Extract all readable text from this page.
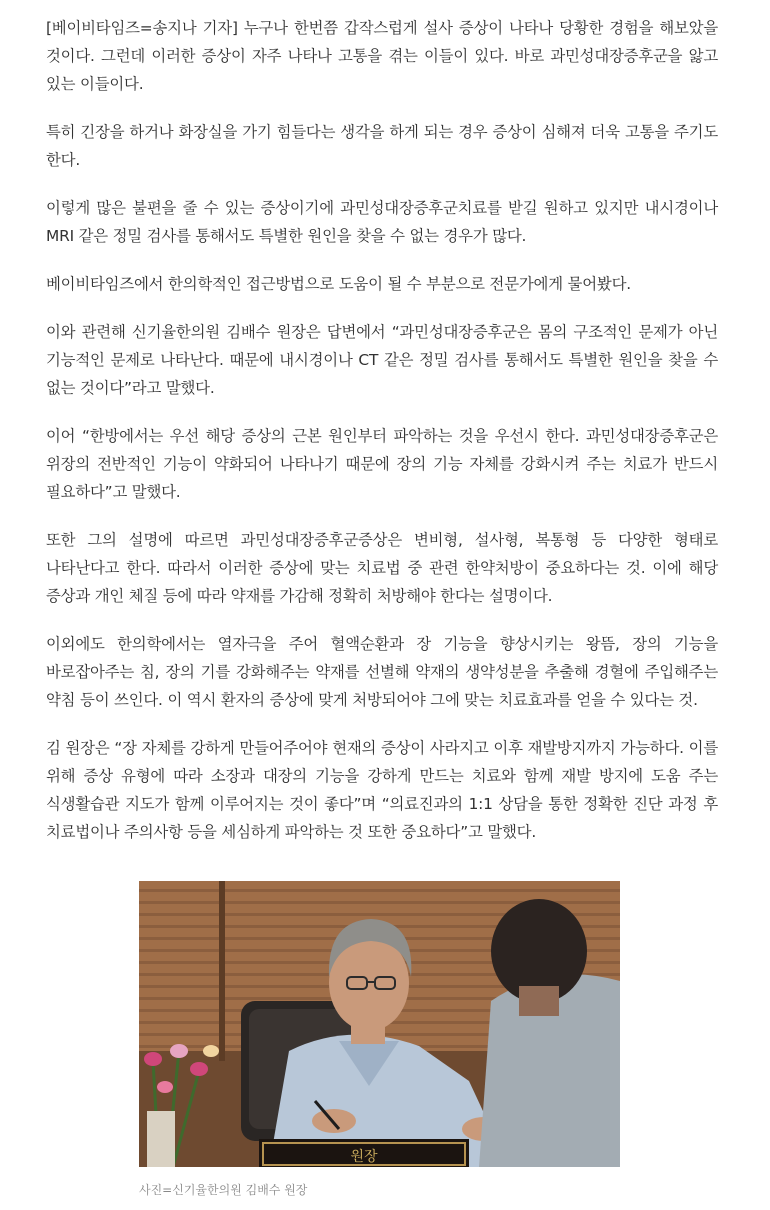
[베이비타임즈=송지나 기자] 누구나 한번쯤 갑작스럽게 설사 증상이 나타나 당황한 경험을 해보았을 것이다. 그런데 이러한 증상이 자주 나타나 고통을 겪는 이들이 있다. 바로 과민성대장증후군을 앓고 있는 이들이다.

특히 긴장을 하거나 화장실을 가기 힘들다는 생각을 하게 되는 경우 증상이 심해져 더욱 고통을 주기도 한다.

이렇게 많은 불편을 줄 수 있는 증상이기에 과민성대장증후군치료를 받길 원하고 있지만 내시경이나 MRI 같은 정밀 검사를 통해서도 특별한 원인을 찾을 수 없는 경우가 많다.

베이비타임즈에서 한의학적인 접근방법으로 도움이 될 수 부분으로 전문가에게 물어봤다.

이와 관련해 신기율한의원 김배수 원장은 답변에서 “과민성대장증후군은 몸의 구조적인 문제가 아닌 기능적인 문제로 나타난다. 때문에 내시경이나 CT 같은 정밀 검사를 통해서도 특별한 원인을 찾을 수 없는 것이다”라고 말했다.

이어 “한방에서는 우선 해당 증상의 근본 원인부터 파악하는 것을 우선시 한다. 과민성대장증후군은 위장의 전반적인 기능이 약화되어 나타나기 때문에 장의 기능 자체를 강화시켜 주는 치료가 반드시 필요하다”고 말했다.

또한 그의 설명에 따르면 과민성대장증후군증상은 변비형, 설사형, 복통형 등 다양한 형태로 나타난다고 한다. 따라서 이러한 증상에 맞는 치료법 중 관련 한약처방이 중요하다는 것. 이에 해당 증상과 개인 체질 등에 따라 약재를 가감해 정확히 처방해야 한다는 설명이다.

이외에도 한의학에서는 열자극을 주어 혈액순환과 장 기능을 향상시키는 왕뜸, 장의 기능을 바로잡아주는 침, 장의 기를 강화해주는 약재를 선별해 약재의 생약성분을 추출해 경혈에 주입해주는 약침 등이 쓰인다. 이 역시 환자의 증상에 맞게 처방되어야 그에 맞는 치료효과를 얻을 수 있다는 것.

김 원장은 “장 자체를 강하게 만들어주어야 현재의 증상이 사라지고 이후 재발방지까지 가능하다. 이를 위해 증상 유형에 따라 소장과 대장의 기능을 강하게 만드는 치료와 함께 재발 방지에 도움 주는 식생활습관 지도가 함께 이루어지는 것이 좋다”며 “의료진과의 1:1 상담을 통한 정확한 진단 과정 후 치료법이나 주의사항 등을 세심하게 파악하는 것 또한 중요하다”고 말했다.

원장
사진=신기율한의원 김배수 원장
